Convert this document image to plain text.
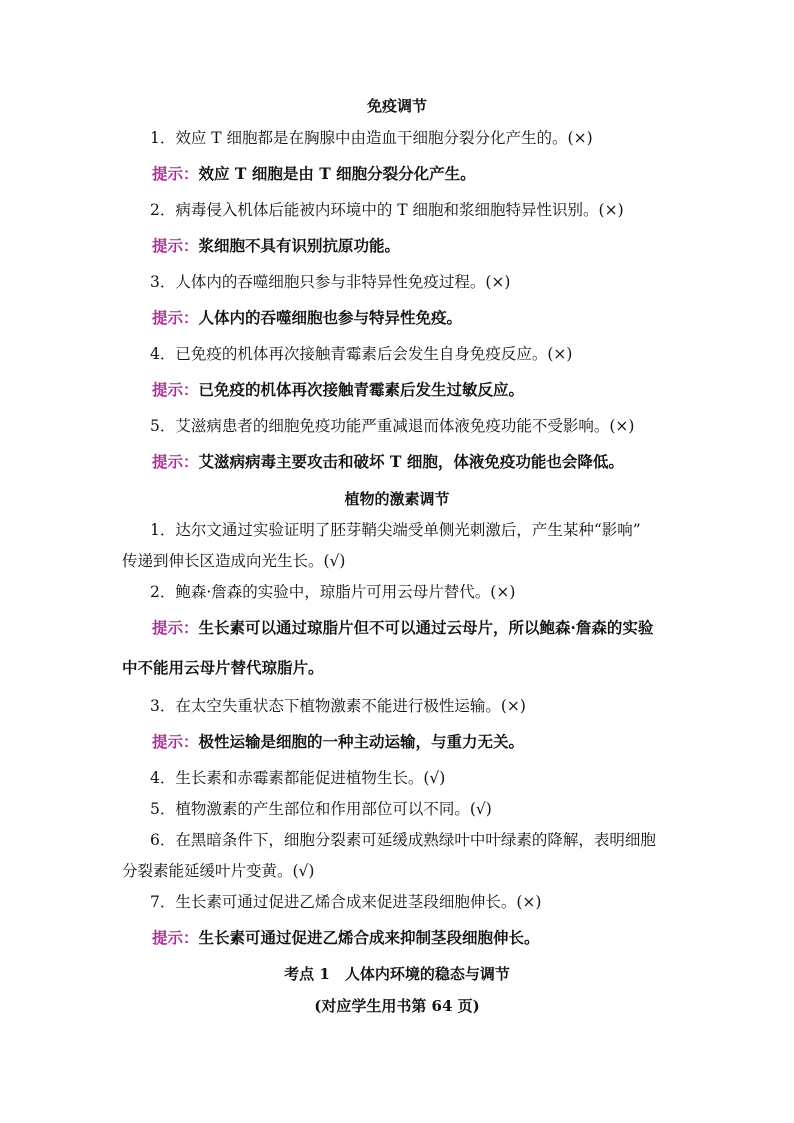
免疫调节
1．效应 T 细胞都是在胸腺中由造血干细胞分裂分化产生的。(×)
提示：效应 T 细胞是由 T 细胞分裂分化产生。
2．病毒侵入机体后能被内环境中的 T 细胞和浆细胞特异性识别。(×)
提示：浆细胞不具有识别抗原功能。
3．人体内的吞噬细胞只参与非特异性免疫过程。(×)
提示：人体内的吞噬细胞也参与特异性免疫。
4．已免疫的机体再次接触青霉素后会发生自身免疫反应。(×)
提示：已免疫的机体再次接触青霉素后发生过敏反应。
5．艾滋病患者的细胞免疫功能严重减退而体液免疫功能不受影响。(×)
提示：艾滋病病毒主要攻击和破坏 T 细胞，体液免疫功能也会降低。
植物的激素调节
1．达尔文通过实验证明了胚芽鞘尖端受单侧光刺激后，产生某种“影响”
传递到伸长区造成向光生长。(√)
2．鲍森·詹森的实验中，琼脂片可用云母片替代。(×)
提示：生长素可以通过琼脂片但不可以通过云母片，所以鲍森·詹森的实验
中不能用云母片替代琼脂片。
3．在太空失重状态下植物激素不能进行极性运输。(×)
提示：极性运输是细胞的一种主动运输，与重力无关。
4．生长素和赤霉素都能促进植物生长。(√)
5．植物激素的产生部位和作用部位可以不同。(√)
6．在黑暗条件下，细胞分裂素可延缓成熟绿叶中叶绿素的降解，表明细胞
分裂素能延缓叶片变黄。(√)
7．生长素可通过促进乙烯合成来促进茎段细胞伸长。(×)
提示：生长素可通过促进乙烯合成来抑制茎段细胞伸长。
考点 1　人体内环境的稳态与调节
(对应学生用书第 64 页)
